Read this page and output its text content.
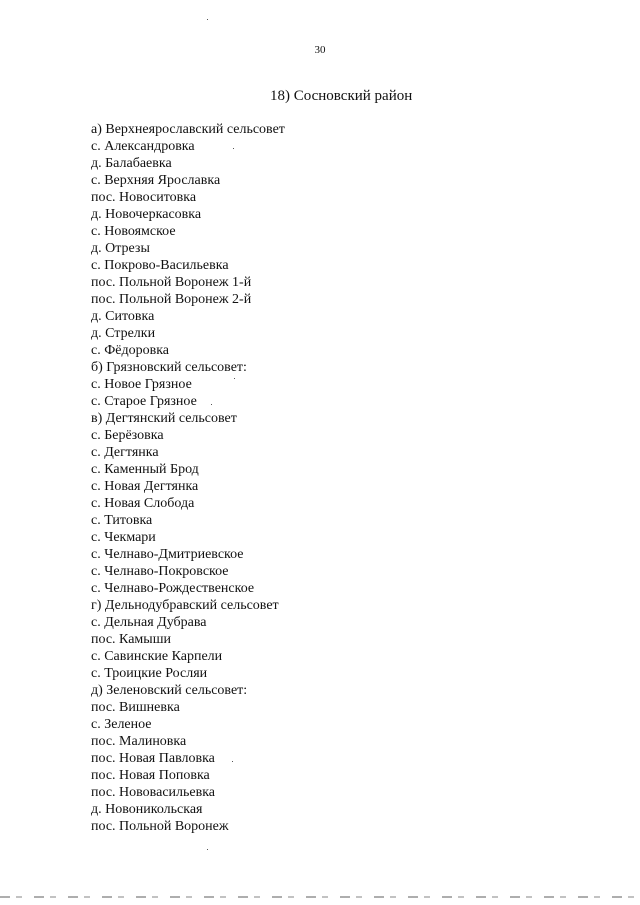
30
18) Сосновский район
а) Верхнеярославский сельсовет
с. Александровка
д. Балабаевка
с. Верхняя Ярославка
пос. Новоситовка
д. Новочеркасовка
с. Новоямское
д. Отрезы
с. Покрово-Васильевка
пос. Польной Воронеж 1-й
пос. Польной Воронеж 2-й
д. Ситовка
д. Стрелки
с. Фёдоровка
б) Грязновский сельсовет:
с. Новое Грязное
с. Старое Грязное
в) Дегтянский сельсовет
с. Берёзовка
с. Дегтянка
с. Каменный Брод
с. Новая Дегтянка
с. Новая Слобода
с. Титовка
с. Чекмари
с. Челнаво-Дмитриевское
с. Челнаво-Покровское
с. Челнаво-Рождественское
г) Дельнодубравский сельсовет
с. Дельная Дубрава
пос. Камыши
с. Савинские Карпели
с. Троицкие Росляи
д) Зеленовский сельсовет:
пос. Вишневка
с. Зеленое
пос. Малиновка
пос. Новая Павловка
пос. Новая Поповка
пос. Нововасильевка
д. Новоникольская
пос. Польной Воронеж
